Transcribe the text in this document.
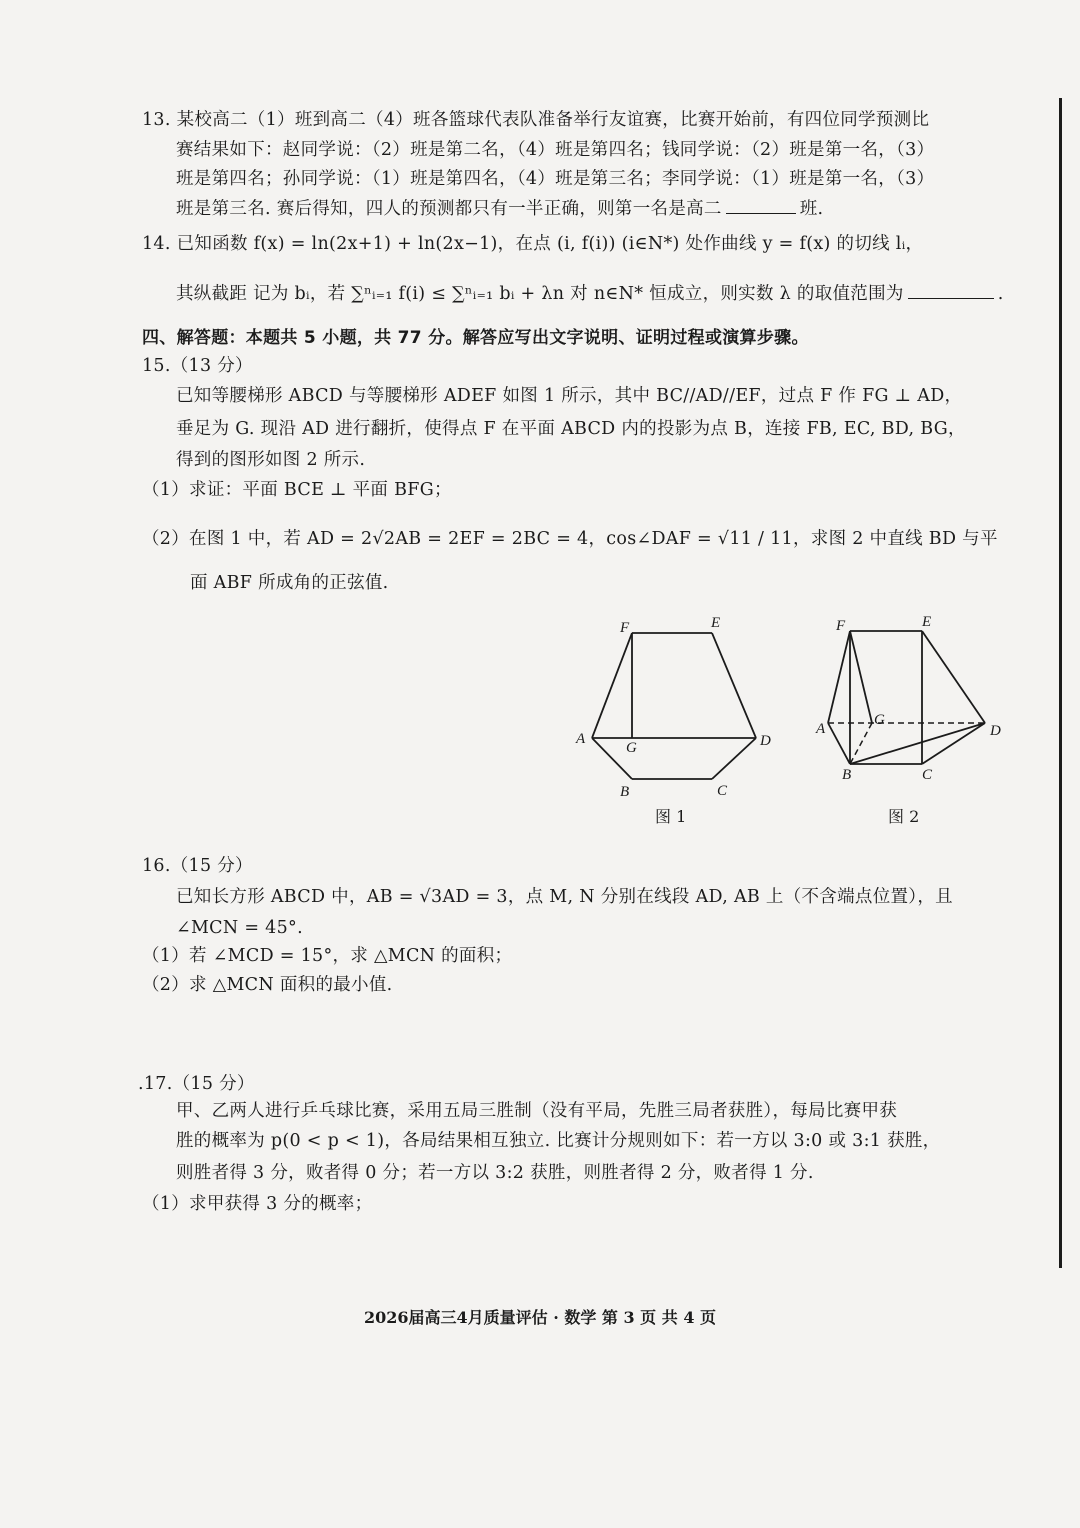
13. 某校高二（1）班到高二（4）班各篮球代表队准备举行友谊赛，比赛开始前，有四位同学预测比
赛结果如下：赵同学说：（2）班是第二名，（4）班是第四名；钱同学说：（2）班是第一名，（3）
班是第四名；孙同学说：（1）班是第四名，（4）班是第三名；李同学说：（1）班是第一名，（3）
班是第三名. 赛后得知，四人的预测都只有一半正确，则第一名是高二	班.
14. 已知函数 f(x) = ln(2x+1) + ln(2x−1)，在点 (i, f(i)) (i∈N*) 处作曲线 y = f(x) 的切线 lᵢ，
其纵截距 记为 bᵢ，若 ∑ⁿᵢ₌₁ f(i) ≤ ∑ⁿᵢ₌₁ bᵢ + λn 对 n∈N* 恒成立，则实数 λ 的取值范围为	.
四、解答题：本题共 5 小题，共 77 分。解答应写出文字说明、证明过程或演算步骤。
15.（13 分）
已知等腰梯形 ABCD 与等腰梯形 ADEF 如图 1 所示，其中 BC//AD//EF，过点 F 作 FG ⊥ AD，
垂足为 G. 现沿 AD 进行翻折，使得点 F 在平面 ABCD 内的投影为点 B，连接 FB, EC, BD, BG，
得到的图形如图 2 所示.
（1）求证：平面 BCE ⊥ 平面 BFG；
（2）在图 1 中，若 AD = 2√2AB = 2EF = 2BC = 4，cos∠DAF = √11 / 11，求图 2 中直线 BD 与平
面 ABF 所成角的正弦值.
F	E
A
G	D
B	C
图 1
F	E
A
G
D
B	C
图 2
16.（15 分）
已知长方形 ABCD 中，AB = √3AD = 3，点 M, N 分别在线段 AD, AB 上（不含端点位置），且
∠MCN = 45°.
（1）若 ∠MCD = 15°，求 △MCN 的面积；
（2）求 △MCN 面积的最小值.
.17.（15 分）
甲、乙两人进行乒乓球比赛，采用五局三胜制（没有平局，先胜三局者获胜），每局比赛甲获
胜的概率为 p(0 < p < 1)，各局结果相互独立. 比赛计分规则如下：若一方以 3:0 或 3:1 获胜，
则胜者得 3 分，败者得 0 分；若一方以 3:2 获胜，则胜者得 2 分，败者得 1 分.
（1）求甲获得 3 分的概率；
2026届高三4月质量评估 · 数学 第 3 页 共 4 页
